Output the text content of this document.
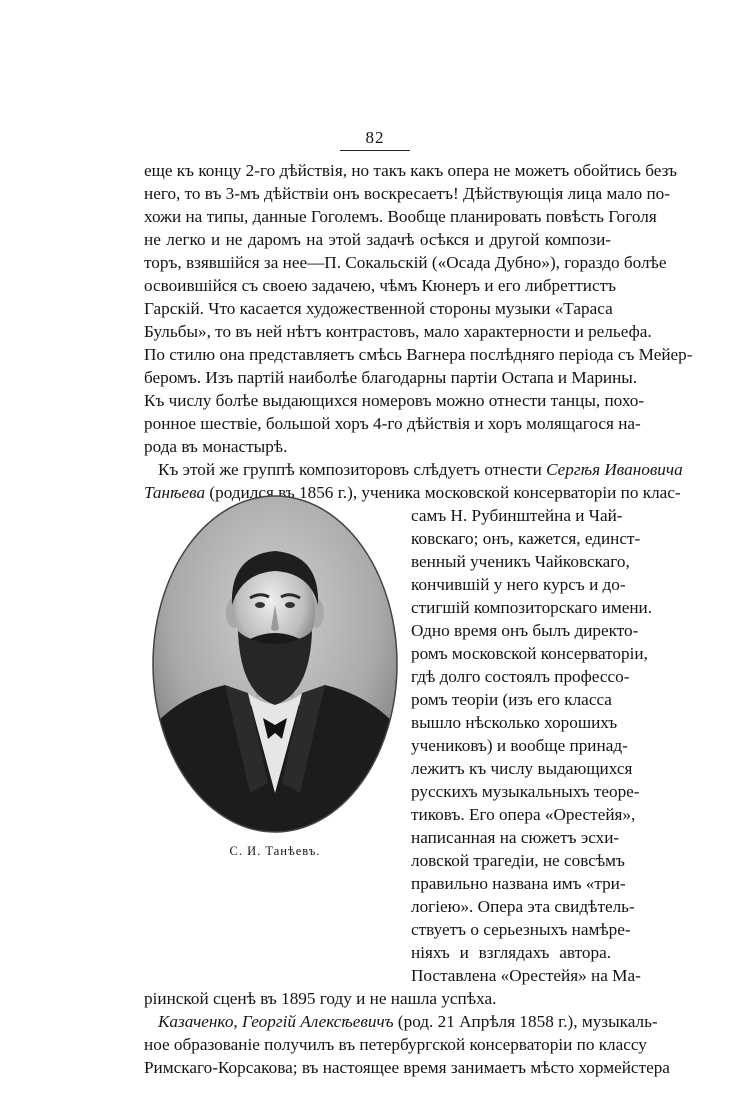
82
еще къ концу 2-го дѣйствія, но такъ какъ опера не можетъ обойтись безъ
него, то въ 3-мъ дѣйствіи онъ воскресаетъ! Дѣйствующія лица мало по-
хожи на типы, данные Гоголемъ. Вообще планировать повѣсть Гоголя
не легко и не даромъ на этой задачѣ осѣкся и другой компози-
торъ, взявшійся за нее—П. Сокальскій («Осада Дубно»), гораздо болѣе
освоившійся съ своею задачею, чѣмъ Кюнеръ и его либреттистъ
Гарскій. Что касается художественной стороны музыки «Тараса
Бульбы», то въ ней нѣтъ контрастовъ, мало характерности и рельефа.
По стилю она представляетъ смѣсь Вагнера послѣдняго періода съ Мейер-
беромъ. Изъ партій наиболѣе благодарны партіи Остапа и Марины.
Къ числу болѣе выдающихся номеровъ можно отнести танцы, похо-
ронное шествіе, большой хоръ 4-го дѣйствія и хоръ молящагося на-
рода въ монастырѣ.
Къ этой же группѣ композиторовъ слѣдуетъ отнести Сергѣя Ивановича
Танѣева (родился въ 1856 г.), ученика московской консерваторіи по клас-
самъ Н. Рубинштейна и Чай-
ковскаго; онъ, кажется, единст-
венный ученикъ Чайковскаго,
кончившій у него курсъ и до-
стигшій композиторскаго имени.
Одно время онъ былъ директо-
ромъ московской консерваторіи,
гдѣ долго состоялъ профессо-
ромъ теоріи (изъ его класса
вышло нѣсколько хорошихъ
учениковъ) и вообще принад-
лежитъ къ числу выдающихся
русскихъ музыкальныхъ теоре-
тиковъ. Его опера «Орестейя»,
написанная на сюжетъ эсхи-
ловской трагедіи, не совсѣмъ
правильно названа имъ «три-
логіею». Опера эта свидѣтель-
ствуетъ о серьезныхъ намѣре-
ніяхъ и взглядахъ автора.
Поставлена «Орестейя» на Ма-
С. И. Танѣевъ.
ріинской сценѣ въ 1895 году и не нашла успѣха.
Казаченко, Георгій Алексѣевичъ (род. 21 Апрѣля 1858 г.), музыкаль-
ное образованіе получилъ въ петербургской консерваторіи по классу
Римскаго-Корсакова; въ настоящее время занимаетъ мѣсто хормейстера
